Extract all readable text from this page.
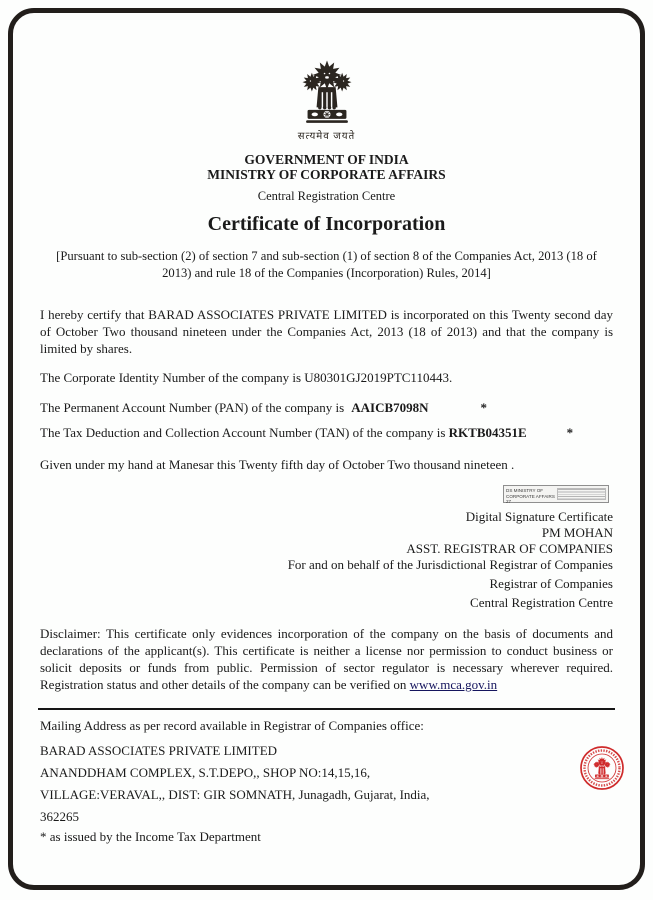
सत्यमेव जयते
GOVERNMENT OF INDIA
MINISTRY OF CORPORATE AFFAIRS
Central Registration Centre
Certificate of Incorporation

[Pursuant to sub-section (2) of section 7 and sub-section (1) of section 8 of the Companies Act, 2013 (18 of 2013) and rule 18 of the Companies (Incorporation) Rules, 2014]

I hereby certify that BARAD ASSOCIATES PRIVATE LIMITED is incorporated on this Twenty second day of October Two thousand nineteen under the Companies Act, 2013 (18 of 2013) and that the company is limited by shares.

The Corporate Identity Number of the company is U80301GJ2019PTC110443.

The Permanent Account Number (PAN) of the company is AAICB7098N	*

The Tax Deduction and Collection Account Number (TAN) of the company is RKTB04351E	*

Given under my hand at Manesar this Twenty fifth day of October Two thousand nineteen .

DS MINISTRY OF CORPORATE AFFAIRS 27
Digital Signature Certificate
PM MOHAN
ASST. REGISTRAR OF COMPANIES
For and on behalf of the Jurisdictional Registrar of Companies
Registrar of Companies
Central Registration Centre

Disclaimer: This certificate only evidences incorporation of the company on the basis of documents and declarations of the applicant(s). This certificate is neither a license nor permission to conduct business or solicit deposits or funds from public. Permission of sector regulator is necessary wherever required. Registration status and other details of the company can be verified on www.mca.gov.in

Mailing Address as per record available in Registrar of Companies office:
BARAD ASSOCIATES PRIVATE LIMITED
ANANDDHAM COMPLEX, S.T.DEPO,, SHOP NO:14,15,16,
VILLAGE:VERAVAL,, DIST: GIR SOMNATH, Junagadh, Gujarat, India,
362265

* as issued by the Income Tax Department
